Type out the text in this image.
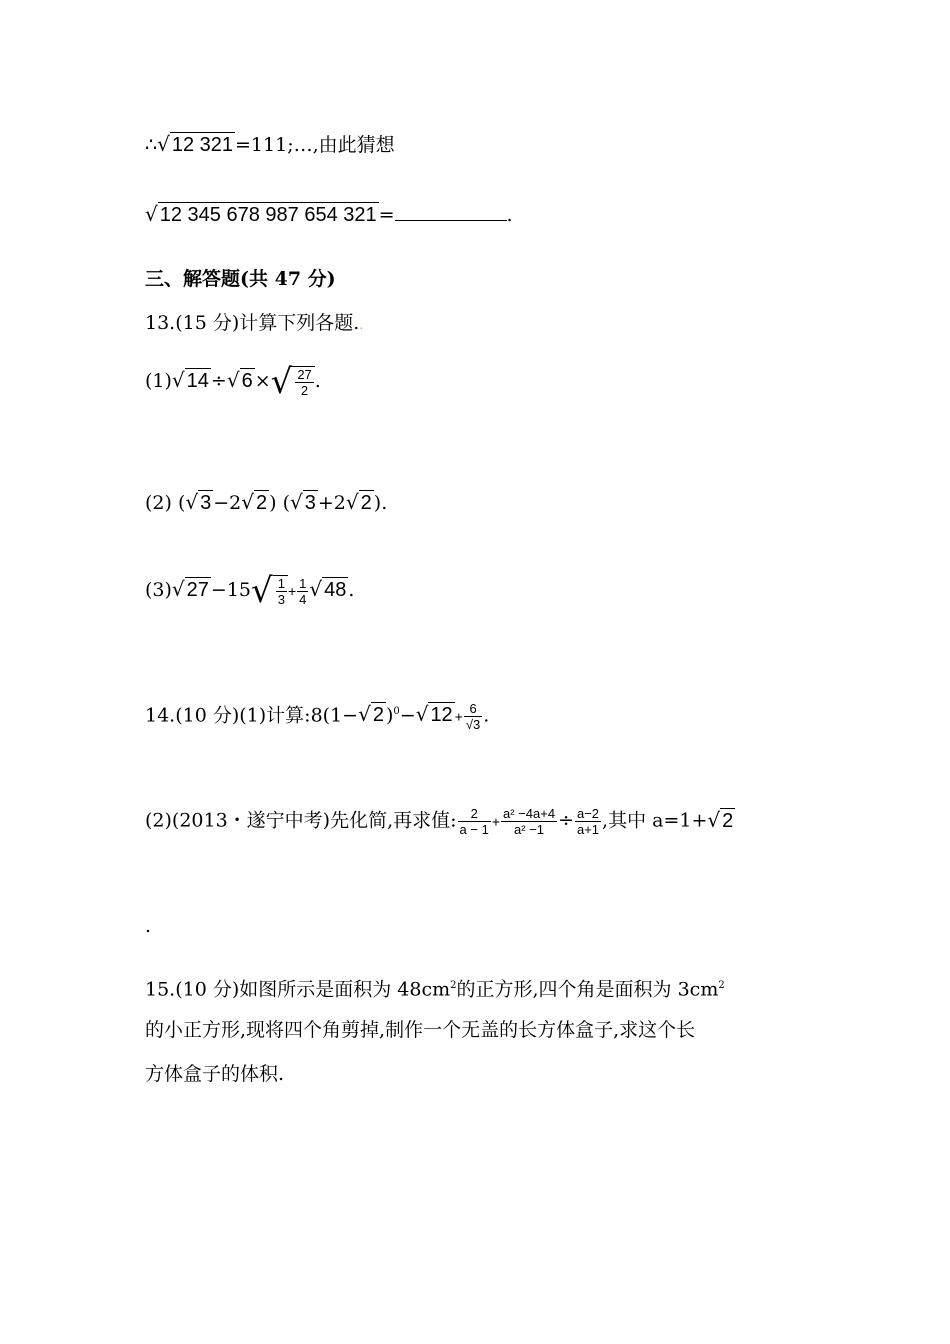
∴√ 12 321 =111;…,由此猜想
√ 12 345 678 987 654 321 =	.
三、解答题(共 47 分)
13.(15 分)计算下列各题..
(1)√ 14 ÷√ 6 ×√ $\frac{27}{2}$ .
(2) (√ 3 −2√ 2 ) (√ 3 +2√ 2 ).
(3)√ $27 -15√ \frac{1}{3} + \frac{1}{4}$ √ 48 .
14.(10 分)(1)计算:8(1−√ 2 )$^0$−√ $12 + \frac{6}{√3}$ .
(2)(2013・遂宁中考)先化简,再求值: $\frac{2}{a - 1} + \frac{\text{a² −4a+4}}{\text{a² −1}} \div \frac{a-2}{a+1}$ ,其中 a=1+√ 2
.
15.(10 分)如图所示是面积为 $48cm^2$的正方形,四个角是面积为 $3cm^2$
的小正方形,现将四个角剪掉,制作一个无盖的长方体盒子,求这个长
方体盒子的体积.
